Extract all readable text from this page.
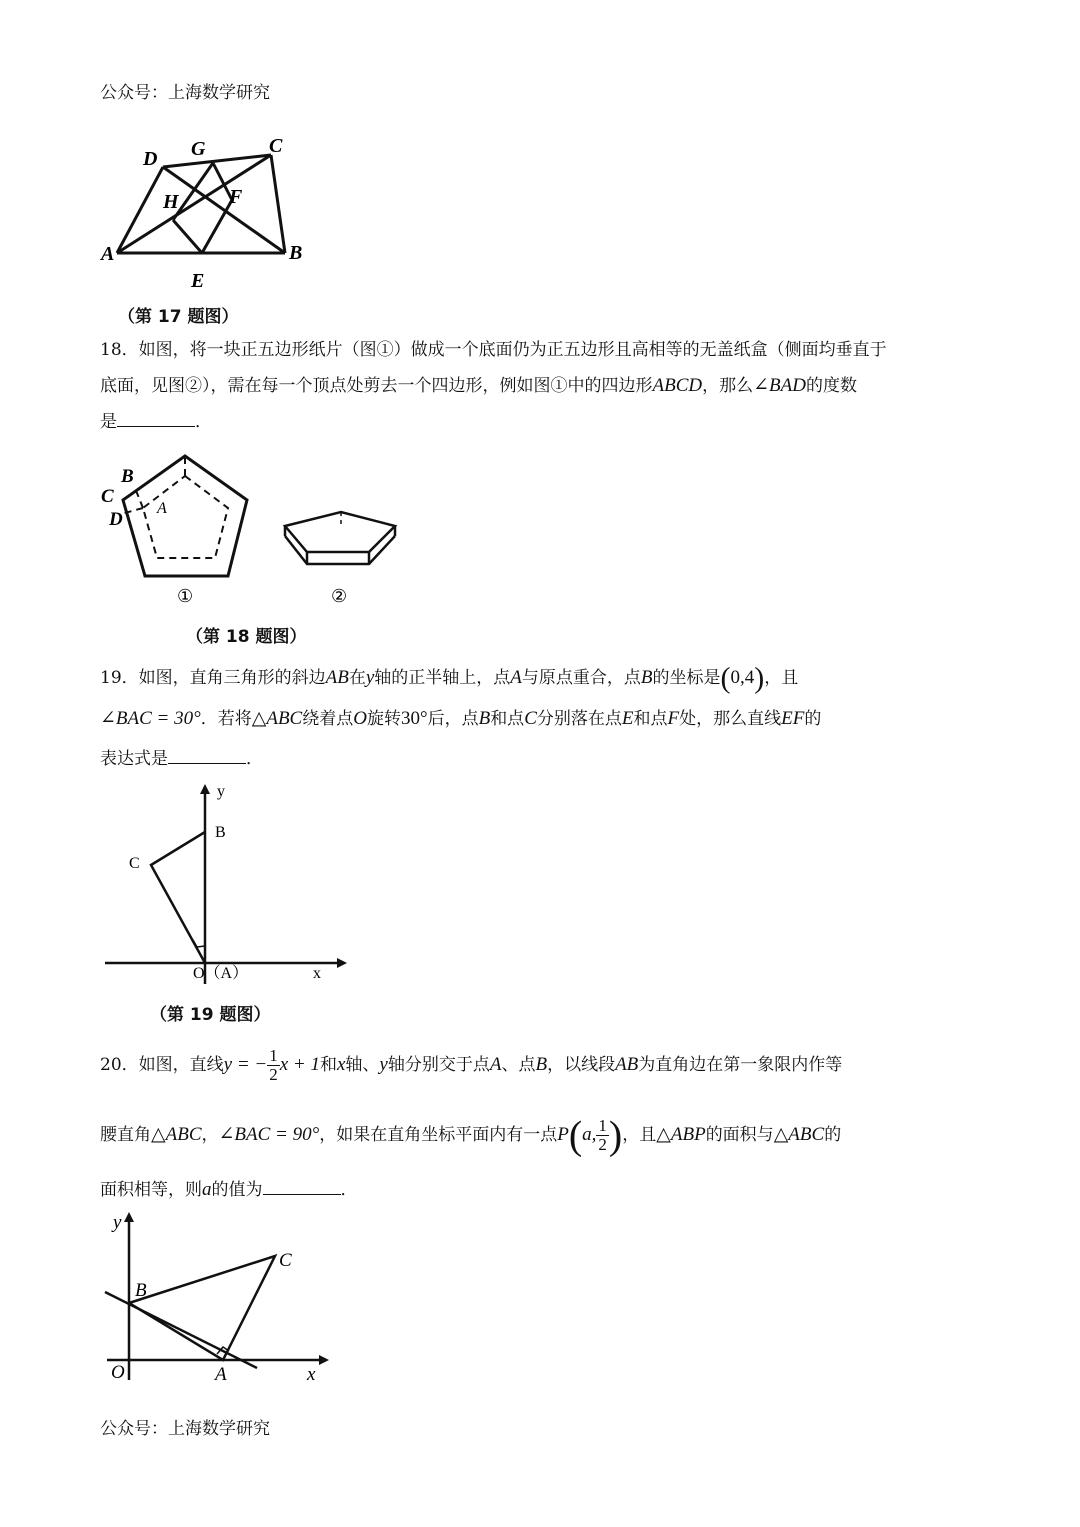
公众号：上海数学研究
A	B
C
D
E
F
G
H
（第 17 题图）
18．如图，将一块正五边形纸片（图①）做成一个底面仍为正五边形且高相等的无盖纸盒（侧面均垂直于
底面，见图②），需在每一个顶点处剪去一个四边形，例如图①中的四边形ABCD，那么∠BAD的度数
是	．
B
C
D
A
①	②
（第 18 题图）
19．如图，直角三角形的斜边AB在y轴的正半轴上，点A与原点重合，点B的坐标是(0,4)，且
∠BAC = 30°．若将△ABC绕着点O旋转30°后，点B和点C分别落在点E和点F处，那么直线EF的
表达式是	．
y
x
B
C
O（A）
（第 19 题图）
20．如图，直线y = − $\frac{1}{2}$ x + 1和x轴、y轴分别交于点A、点B，以线段AB为直角边在第一象限内作等
腰直角△ABC，∠BAC = 90°，如果在直角坐标平面内有一点P(a, $\frac{1}{2}$ )，且△ABP的面积与△ABC的
面积相等，则a的值为	．
y
x
O	A
B
C
公众号：上海数学研究
